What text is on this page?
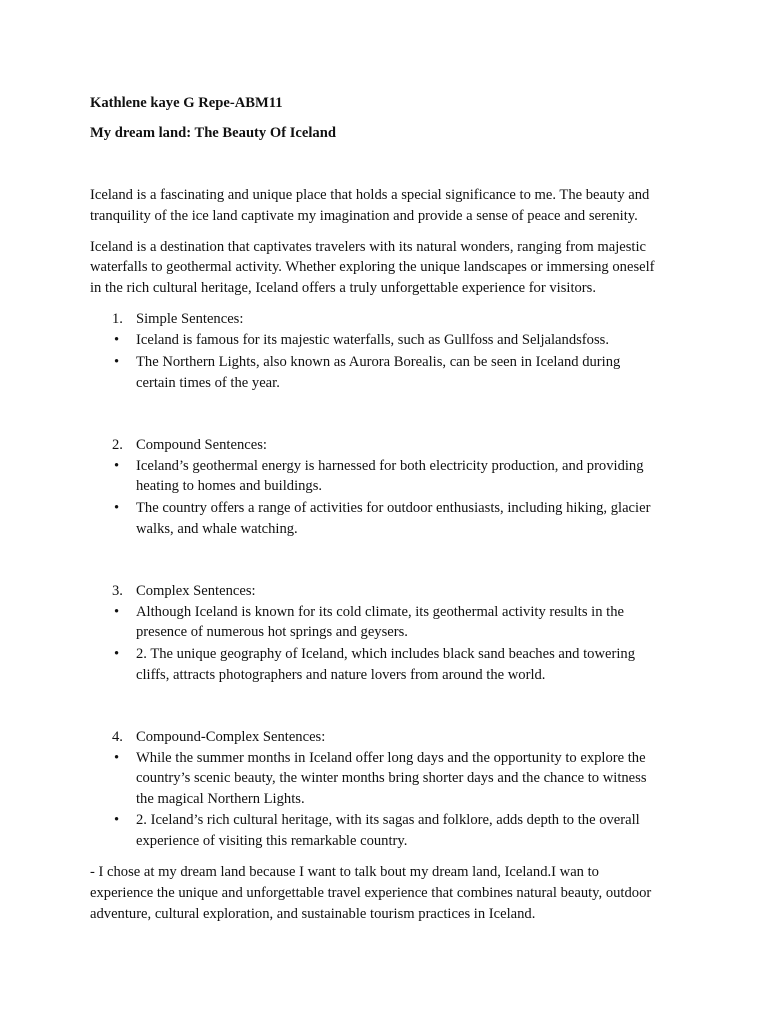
Kathlene kaye G Repe-ABM11
My dream land: The Beauty Of Iceland
Iceland is a fascinating and unique place that holds a special significance to me. The beauty and
tranquility of the ice land captivate my imagination and provide a sense of peace and serenity.
Iceland is a destination that captivates travelers with its natural wonders, ranging from majestic
waterfalls to geothermal activity. Whether exploring the unique landscapes or immersing oneself
in the rich cultural heritage, Iceland offers a truly unforgettable experience for visitors.
1. Simple Sentences:
• Iceland is famous for its majestic waterfalls, such as Gullfoss and Seljalandsfoss.
• The Northern Lights, also known as Aurora Borealis, can be seen in Iceland during
certain times of the year.
2. Compound Sentences:
• Iceland’s geothermal energy is harnessed for both electricity production, and providing
heating to homes and buildings.
• The country offers a range of activities for outdoor enthusiasts, including hiking, glacier
walks, and whale watching.
3. Complex Sentences:
• Although Iceland is known for its cold climate, its geothermal activity results in the
presence of numerous hot springs and geysers.
• 2. The unique geography of Iceland, which includes black sand beaches and towering
cliffs, attracts photographers and nature lovers from around the world.
4. Compound-Complex Sentences:
• While the summer months in Iceland offer long days and the opportunity to explore the
country’s scenic beauty, the winter months bring shorter days and the chance to witness
the magical Northern Lights.
• 2. Iceland’s rich cultural heritage, with its sagas and folklore, adds depth to the overall
experience of visiting this remarkable country.
- I chose at my dream land because I want to talk bout my dream land, Iceland.I wan to
experience the unique and unforgettable travel experience that combines natural beauty, outdoor
adventure, cultural exploration, and sustainable tourism practices in Iceland.
